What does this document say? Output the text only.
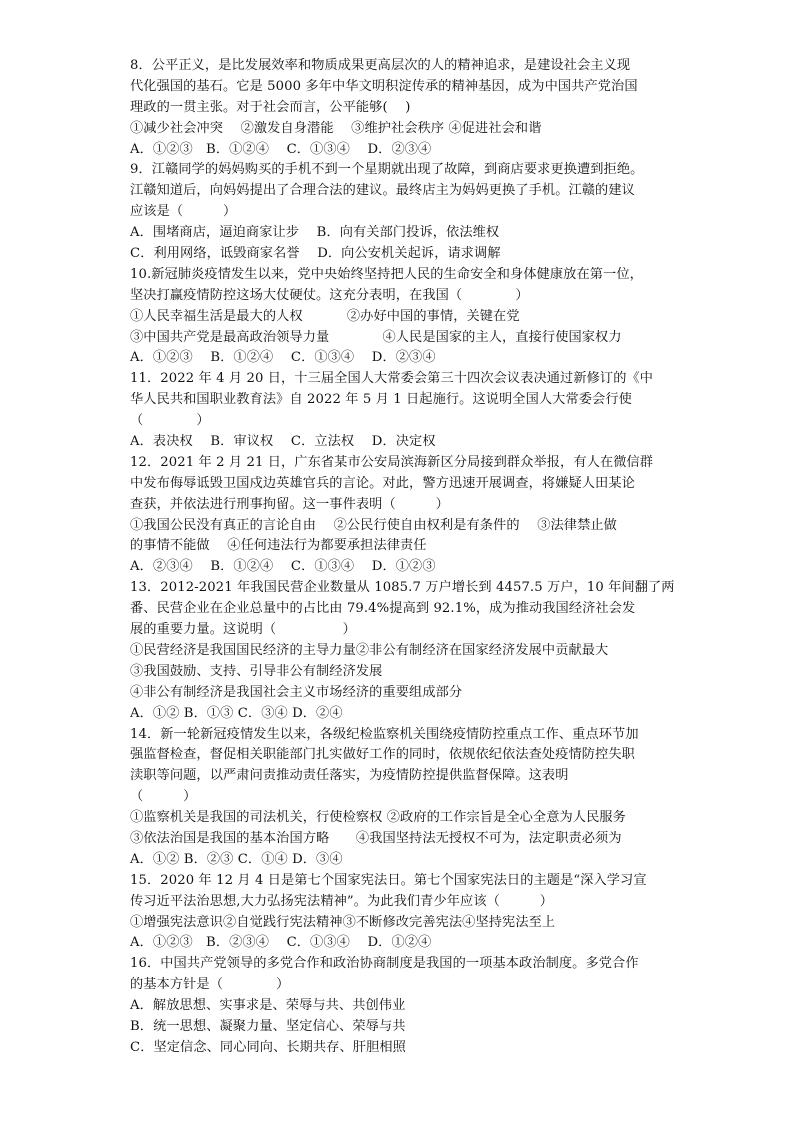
8．公平正义，是比发展效率和物质成果更高层次的人的精神追求，是建设社会主义现
代化强国的基石。它是 5000 多年中华文明积淀传承的精神基因，成为中国共产党治国
理政的一贯主张。对于社会而言，公平能够(　 )
①减少社会冲突　 ②激发自身潜能　 ③维护社会秩序 ④促进社会和谐
A．①②③　B．①②④　 C．①③④　 D．②③④
9．江赣同学的妈妈购买的手机不到一个星期就出现了故障，到商店要求更换遭到拒绝。
江赣知道后，向妈妈提出了合理合法的建议。最终店主为妈妈更换了手机。江赣的建议
应该是（　　　）
A．围堵商店，逼迫商家让步　 B．向有关部门投诉，依法维权
C．利用网络，诋毁商家名誉　 D．向公安机关起诉，请求调解
10.新冠肺炎疫情发生以来，党中央始终坚持把人民的生命安全和身体健康放在第一位，
坚决打赢疫情防控这场大仗硬仗。这充分表明，在我国（　　　　）
①人民幸福生活是最大的人权　　　 ②办好中国的事情，关键在党
③中国共产党是最高政治领导力量　　　　④人民是国家的主人，直接行使国家权力
A．①②③　 B．①②④　 C．①③④　 D．②③④
11．2022 年 4 月 20 日，十三届全国人大常委会第三十四次会议表决通过新修订的《中
华人民共和国职业教育法》自 2022 年 5 月 1 日起施行。这说明全国人大常委会行使
（　　　　）
A．表决权　 B．审议权　 C．立法权　 D．决定权
12．2021 年 2 月 21 日，广东省某市公安局滨海新区分局接到群众举报，有人在微信群
中发布侮辱诋毁卫国戍边英雄官兵的言论。对此，警方迅速开展调查，将嫌疑人田某论
查获，并依法进行刑事拘留。这一事件表明（　　　）
①我国公民没有真正的言论自由　 ②公民行使自由权利是有条件的　 ③法律禁止做
的事情不能做　 ④任何违法行为都要承担法律责任
A．②③④　 B．①②④　 C．①③④　 D．①②③
13．2012-2021 年我国民营企业数量从 1085.7 万户增长到 4457.5 万户，10 年间翻了两
番、民营企业在企业总量中的占比由 79.4%提高到 92.1%，成为推动我国经济社会发
展的重要力量。这说明（　　　　　）
①民营经济是我国国民经济的主导力量②非公有制经济在国家经济发展中贡献最大
③我国鼓励、支持、引导非公有制经济发展
④非公有制经济是我国社会主义市场经济的重要组成部分
A．①② B．①③ C．③④ D．②④
14．新一轮新冠疫情发生以来，各级纪检监察机关围绕疫情防控重点工作、重点环节加
强监督检查，督促相关职能部门扎实做好工作的同时，依规依纪依法查处疫情防控失职
渎职等问题，以严肃问责推动责任落实，为疫情防控提供监督保障。这表明
（　　　）
①监察机关是我国的司法机关，行使检察权 ②政府的工作宗旨是全心全意为人民服务
③依法治国是我国的基本治国方略　　④我国坚持法无授权不可为，法定职责必须为
A．①② B．②③ C．①④ D．③④
15．2020 年 12 月 4 日是第七个国家宪法日。第七个国家宪法日的主题是“深入学习宣
传习近平法治思想,大力弘扬宪法精神”。为此我们青少年应该（　　　）
①增强宪法意识②自觉践行宪法精神③不断修改完善宪法④坚持宪法至上
A．①②③　B．②③④　 C．①③④　 D．①②④
16．中国共产党领导的多党合作和政治协商制度是我国的一项基本政治制度。多党合作
的基本方针是（　　　　）
A．解放思想、实事求是、荣辱与共、共创伟业
B．统一思想、凝聚力量、坚定信心、荣辱与共
C．坚定信念、同心同向、长期共存、肝胆相照
